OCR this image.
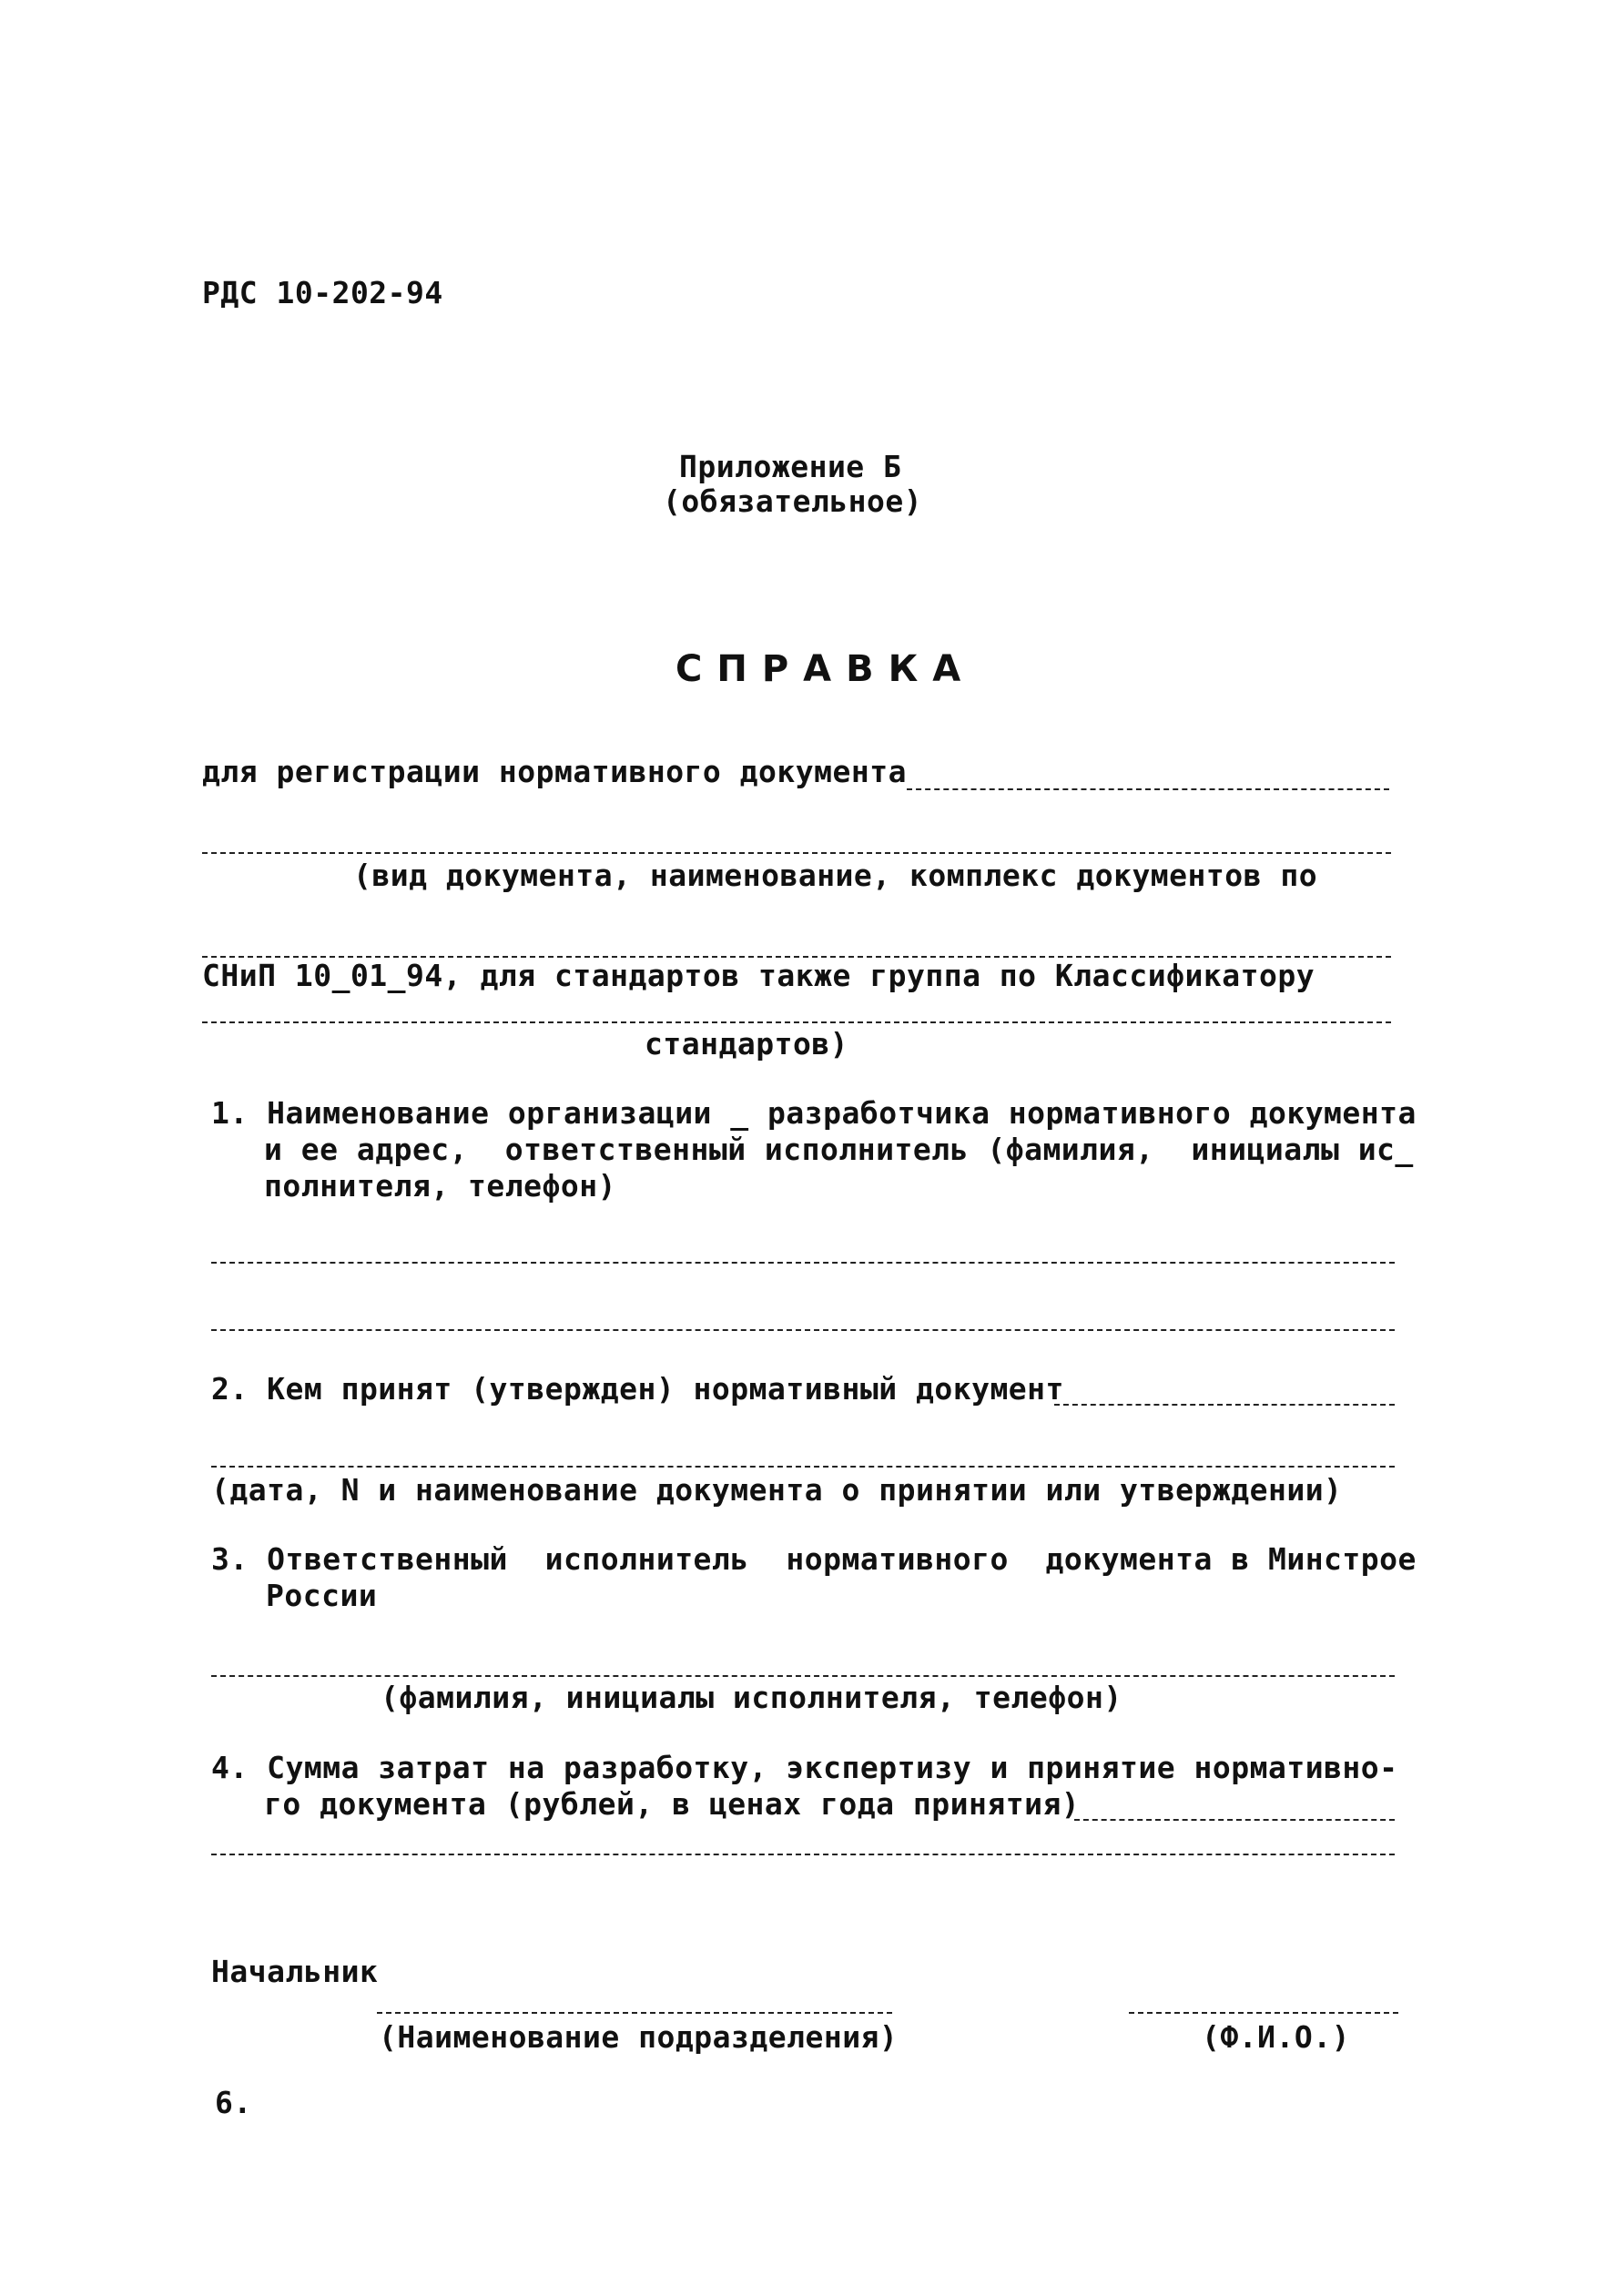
РДС 10-202-94
Приложение Б
(обязательное)
СПРАВКА
для регистрации нормативного документа
(вид документа, наименование, комплекс документов по
СНиП 10_01_94, для стандартов также группа по Классификатору
стандартов)
1. Наименование организации _ разработчика нормативного документа
и ее адрес,  ответственный исполнитель (фамилия,  инициалы ис_
полнителя, телефон)
2. Кем принят (утвержден) нормативный документ
(дата, N и наименование документа о принятии или утверждении)
3. Ответственный  исполнитель  нормативного  документа в Минстрое
России
(фамилия, инициалы исполнителя, телефон)
4. Сумма затрат на разработку, экспертизу и принятие нормативно-
го документа (рублей, в ценах года принятия)
Начальник
(Наименование подразделения)	(Ф.И.О.)
6.
